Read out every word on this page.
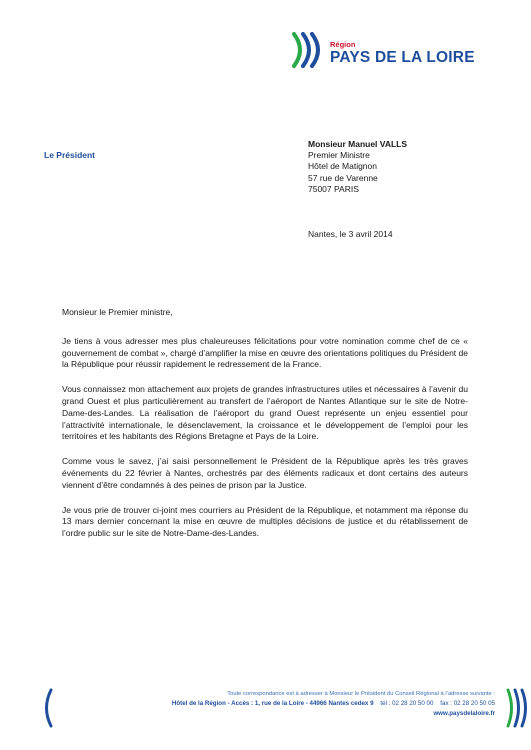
Région
PAYS DE LA LOIRE
Le Président
Monsieur Manuel VALLS
Premier Ministre
Hôtel de Matignon
57 rue de Varenne
75007 PARIS
Nantes, le 3 avril 2014

Monsieur le Premier ministre,

Je tiens à vous adresser mes plus chaleureuses félicitations pour votre nomination comme chef de ce « gouvernement de combat », chargé d’amplifier la mise en œuvre des orientations politiques du Président de la République pour réussir rapidement le redressement de la France.

Vous connaissez mon attachement aux projets de grandes infrastructures utiles et nécessaires à l’avenir du grand Ouest et plus particulièrement au transfert de l’aéroport de Nantes Atlantique sur le site de Notre-Dame-des-Landes. La réalisation de l’aéroport du grand Ouest représente un enjeu essentiel pour l’attractivité internationale, le désenclavement, la croissance et le développement de l’emploi pour les territoires et les habitants des Régions Bretagne et Pays de la Loire.

Comme vous le savez, j’ai saisi personnellement le Président de la République après les très graves événements du 22 février à Nantes, orchestrés par des éléments radicaux et dont certains des auteurs viennent d’être condamnés à des peines de prison par la Justice.

Je vous prie de trouver ci-joint mes courriers au Président de la République, et notamment ma réponse du 13 mars dernier concernant la mise en œuvre de multiples décisions de justice et du rétablissement de l’ordre public sur le site de Notre-Dame-des-Landes.

Toute correspondance est à adresser à Monsieur le Président du Conseil Régional à l’adresse suivante :
Hôtel de la Région - Accès : 1, rue de la Loire - 44966 Nantes cedex 9 tél : 02 28 20 50 00 fax : 02 28 20 50 05
www.paysdelaloire.fr
